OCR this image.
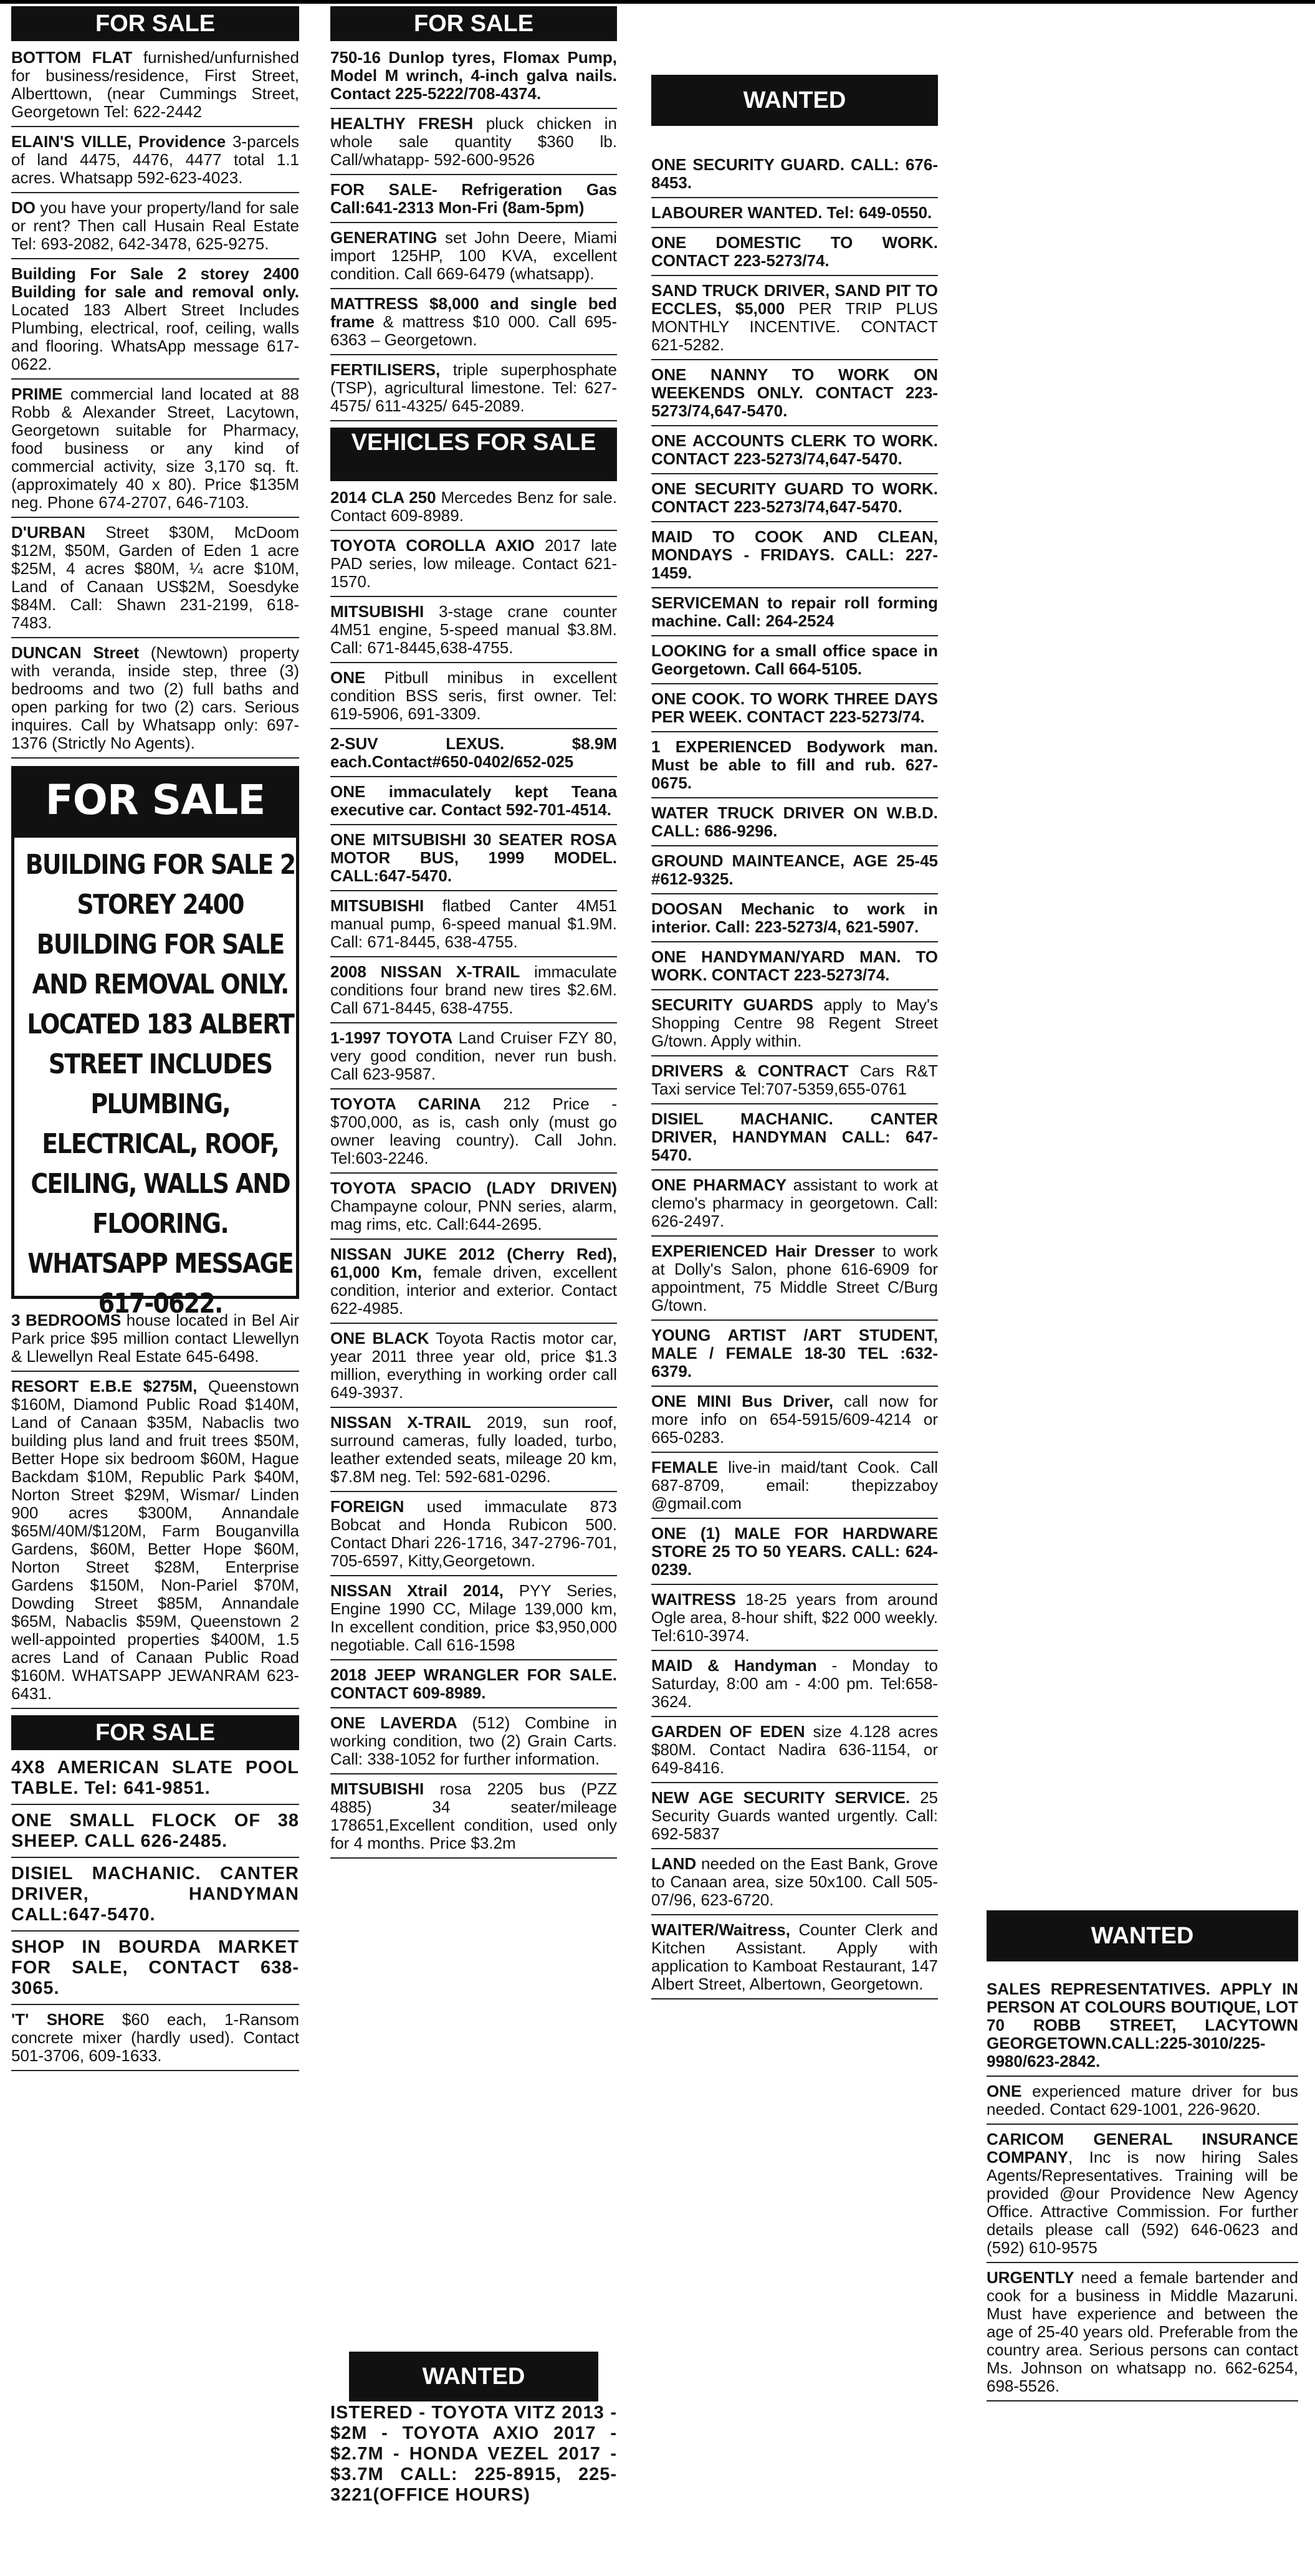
FOR SALE
BOTTOM FLAT furnished/unfurnished for business/residence, First Street, Alberttown, (near Cummings Street, Georgetown Tel: 622-2442
ELAIN'S VILLE, Providence 3-parcels of land 4475, 4476, 4477 total 1.1 acres. Whatsapp 592-623-4023.
DO you have your property/land for sale or rent? Then call Husain Real Estate Tel: 693-2082, 642-3478, 625-9275.
Building For Sale 2 storey 2400 Building for sale and removal only. Located 183 Albert Street Includes Plumbing, electrical, roof, ceiling, walls and flooring. WhatsApp message 617-0622.
PRIME commercial land located at 88 Robb & Alexander Street, Lacytown, Georgetown suitable for Pharmacy, food business or any kind of commercial activity, size 3,170 sq. ft. (approximately 40 x 80). Price $135M neg. Phone 674-2707, 646-7103.
D'URBAN Street $30M, McDoom $12M, $50M, Garden of Eden 1 acre $25M, 4 acres $80M, ¼ acre $10M, Land of Canaan US$2M, Soesdyke $84M. Call: Shawn 231-2199, 618-7483.
DUNCAN Street (Newtown) property with veranda, inside step, three (3) bedrooms and two (2) full baths and open parking for two (2) cars. Serious inquires. Call by Whatsapp only: 697-1376 (Strictly No Agents).
FOR SALE
BUILDING FOR SALE 2 STOREY 2400 BUILDING FOR SALE AND REMOVAL ONLY. LOCATED 183 ALBERT STREET INCLUDES PLUMBING, ELECTRICAL, ROOF, CEILING, WALLS AND FLOORING. WHATSAPP MESSAGE 617-0622.
3 BEDROOMS house located in Bel Air Park price $95 million contact Llewellyn & Llewellyn Real Estate 645-6498.
RESORT E.B.E $275M, Queenstown $160M, Diamond Public Road $140M, Land of Canaan $35M, Nabaclis two building plus land and fruit trees $50M, Better Hope six bedroom $60M, Hague Backdam $10M, Republic Park $40M, Norton Street $29M, Wismar/ Linden 900 acres $300M, Annandale $65M/40M/$120M, Farm Bouganvilla Gardens, $60M, Better Hope $60M, Norton Street $28M, Enterprise Gardens $150M, Non-Pariel $70M, Dowding Street $85M, Annandale $65M, Nabaclis $59M, Queenstown 2 well-appointed properties $400M, 1.5 acres Land of Canaan Public Road $160M. WHATSAPP JEWANRAM 623-6431.
FOR SALE
4X8 AMERICAN SLATE POOL TABLE. Tel: 641-9851.
ONE SMALL FLOCK OF 38 SHEEP. CALL 626-2485.
DISIEL MACHANIC. CANTER DRIVER, HANDYMAN CALL:647-5470.
SHOP IN BOURDA MARKET FOR SALE, CONTACT 638-3065.
'T' SHORE $60 each, 1-Ransom concrete mixer (hardly used). Contact 501-3706, 609-1633.
FOR SALE
750-16 Dunlop tyres, Flomax Pump, Model M wrinch, 4-inch galva nails. Contact 225-5222/708-4374.
HEALTHY FRESH pluck chicken in whole sale quantity $360 lb. Call/whatapp- 592-600-9526
FOR SALE- Refrigeration Gas Call:641-2313 Mon-Fri (8am-5pm)
GENERATING set John Deere, Miami import 125HP, 100 KVA, excellent condition. Call 669-6479 (whatsapp).
MATTRESS $8,000 and single bed frame & mattress $10 000. Call 695-6363 – Georgetown.
FERTILISERS, triple superphosphate (TSP), agricultural limestone. Tel: 627-4575/ 611-4325/ 645-2089.
VEHICLES FOR SALE
2014 CLA 250 Mercedes Benz for sale. Contact 609-8989.
TOYOTA COROLLA AXIO 2017 late PAD series, low mileage. Contact 621-1570.
MITSUBISHI 3-stage crane counter 4M51 engine, 5-speed manual $3.8M. Call: 671-8445,638-4755.
ONE Pitbull minibus in excellent condition BSS seris, first owner. Tel: 619-5906, 691-3309.
2-SUV LEXUS. $8.9M each.Contact#650-0402/652-025
ONE immaculately kept Teana executive car. Contact 592-701-4514.
ONE MITSUBISHI 30 SEATER ROSA MOTOR BUS, 1999 MODEL. CALL:647-5470.
MITSUBISHI flatbed Canter 4M51 manual pump, 6-speed manual $1.9M. Call: 671-8445, 638-4755.
2008 NISSAN X-TRAIL immaculate conditions four brand new tires $2.6M. Call 671-8445, 638-4755.
1-1997 TOYOTA Land Cruiser FZY 80, very good condition, never run bush. Call 623-9587.
TOYOTA CARINA 212 Price - $700,000, as is, cash only (must go owner leaving country). Call John. Tel:603-2246.
TOYOTA SPACIO (LADY DRIVEN) Champayne colour, PNN series, alarm, mag rims, etc. Call:644-2695.
NISSAN JUKE 2012 (Cherry Red), 61,000 Km, female driven, excellent condition, interior and exterior. Contact 622-4985.
ONE BLACK Toyota Ractis motor car, year 2011 three year old, price $1.3 million, everything in working order call 649-3937.
NISSAN X-TRAIL 2019, sun roof, surround cameras, fully loaded, turbo, leather extended seats, mileage 20 km, $7.8M neg. Tel: 592-681-0296.
FOREIGN used immaculate 873 Bobcat and Honda Rubicon 500. Contact Dhari 226-1716, 347-2796-701, 705-6597, Kitty,Georgetown.
NISSAN Xtrail 2014, PYY Series, Engine 1990 CC, Milage 139,000 km, In excellent condition, price $3,950,000 negotiable. Call 616-1598
2018 JEEP WRANGLER FOR SALE. CONTACT 609-8989.
ONE LAVERDA (512) Combine in working condition, two (2) Grain Carts. Call: 338-1052 for further information.
MITSUBISHI rosa 2205 bus (PZZ 4885) 34 seater/mileage 178651,Excellent condition, used only for 4 months. Price $3.2m
WANTED
ISTERED - TOYOTA VITZ 2013 - $2M - TOYOTA AXIO 2017 - $2.7M - HONDA VEZEL 2017 - $3.7M CALL: 225-8915, 225-3221(OFFICE HOURS)
WANTED
ONE SECURITY GUARD. CALL: 676-8453.
LABOURER WANTED. Tel: 649-0550.
ONE DOMESTIC TO WORK. CONTACT 223-5273/74.
SAND TRUCK DRIVER, SAND PIT TO ECCLES, $5,000 PER TRIP PLUS MONTHLY INCENTIVE. CONTACT 621-5282.
ONE NANNY TO WORK ON WEEKENDS ONLY. CONTACT 223-5273/74,647-5470.
ONE ACCOUNTS CLERK TO WORK. CONTACT 223-5273/74,647-5470.
ONE SECURITY GUARD TO WORK. CONTACT 223-5273/74,647-5470.
MAID TO COOK AND CLEAN, MONDAYS - FRIDAYS. CALL: 227-1459.
SERVICEMAN to repair roll forming machine. Call: 264-2524
LOOKING for a small office space in Georgetown. Call 664-5105.
ONE COOK. TO WORK THREE DAYS PER WEEK. CONTACT 223-5273/74.
1 EXPERIENCED Bodywork man. Must be able to fill and rub. 627-0675.
WATER TRUCK DRIVER ON W.B.D. CALL: 686-9296.
GROUND MAINTEANCE, AGE 25-45 #612-9325.
DOOSAN Mechanic to work in interior. Call: 223-5273/4, 621-5907.
ONE HANDYMAN/YARD MAN. TO WORK. CONTACT 223-5273/74.
SECURITY GUARDS apply to May's Shopping Centre 98 Regent Street G/town. Apply within.
DRIVERS & CONTRACT Cars R&T Taxi service Tel:707-5359,655-0761
DISIEL MACHANIC. CANTER DRIVER, HANDYMAN CALL: 647-5470.
ONE PHARMACY assistant to work at clemo's pharmacy in georgetown. Call: 626-2497.
EXPERIENCED Hair Dresser to work at Dolly's Salon, phone 616-6909 for appointment, 75 Middle Street C/Burg G/town.
YOUNG ARTIST /ART STUDENT, MALE / FEMALE 18-30 TEL :632-6379.
ONE MINI Bus Driver, call now for more info on 654-5915/609-4214 or 665-0283.
FEMALE live-in maid/tant Cook. Call 687-8709, email: thepizzaboy @gmail.com
ONE (1) MALE FOR HARDWARE STORE 25 TO 50 YEARS. CALL: 624-0239.
WAITRESS 18-25 years from around Ogle area, 8-hour shift, $22 000 weekly. Tel:610-3974.
MAID & Handyman - Monday to Saturday, 8:00 am - 4:00 pm. Tel:658-3624.
GARDEN OF EDEN size 4.128 acres $80M. Contact Nadira 636-1154, or 649-8416.
NEW AGE SECURITY SERVICE. 25 Security Guards wanted urgently. Call: 692-5837
LAND needed on the East Bank, Grove to Canaan area, size 50x100. Call 505-07/96, 623-6720.
WAITER/Waitress, Counter Clerk and Kitchen Assistant. Apply with application to Kamboat Restaurant, 147 Albert Street, Albertown, Georgetown.
WANTED
SALES REPRESENTATIVES. APPLY IN PERSON AT COLOURS BOUTIQUE, LOT 70 ROBB STREET, LACYTOWN GEORGETOWN.CALL:225-3010/225-9980/623-2842.
ONE experienced mature driver for bus needed. Contact 629-1001, 226-9620.
CARICOM GENERAL INSURANCE COMPANY, Inc is now hiring Sales Agents/Representatives. Training will be provided @our Providence New Agency Office. Attractive Commission. For further details please call (592) 646-0623 and (592) 610-9575
URGENTLY need a female bartender and cook for a business in Middle Mazaruni. Must have experience and between the age of 25-40 years old. Preferable from the country area. Serious persons can contact Ms. Johnson on whatsapp no. 662-6254, 698-5526.
